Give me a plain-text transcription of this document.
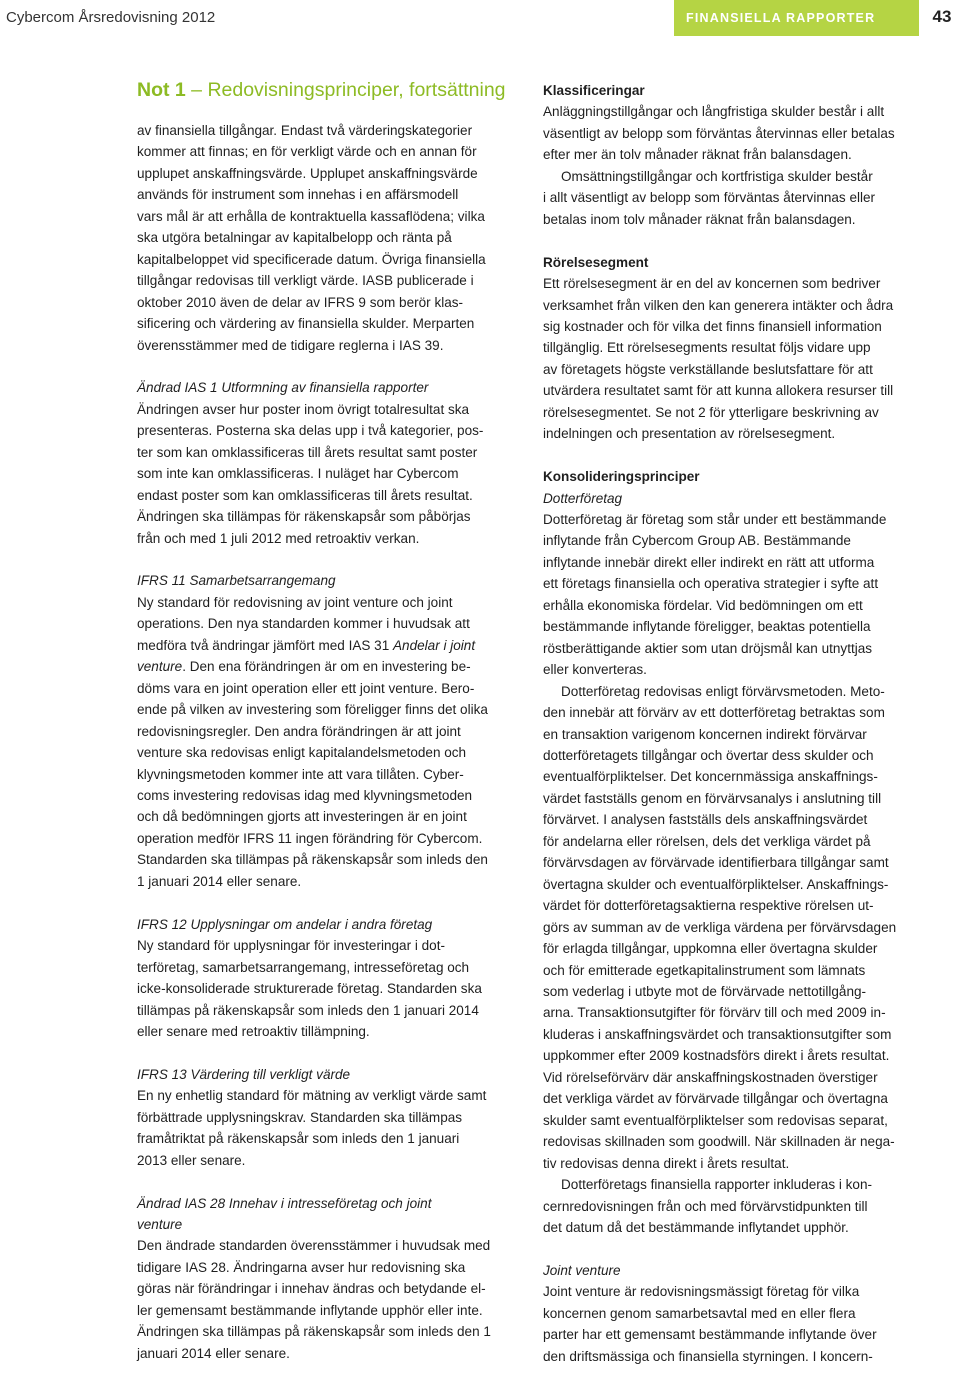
Cybercom Årsredovisning 2012	FINANSIELLA RAPPORTER	43
Not 1 – Redovisningsprinciper, fortsättning
av finansiella tillgångar. Endast två värderingskategorier
kommer att finnas; en för verkligt värde och en annan för
upplupet anskaffningsvärde. Upplupet anskaffningsvärde
används för instrument som innehas i en affärsmodell
vars mål är att erhålla de kontraktuella kassaflödena; vilka
ska utgöra betalningar av kapitalbelopp och ränta på
kapitalbeloppet vid specificerade datum. Övriga finansiella
tillgångar redovisas till verkligt värde. IASB publicerade i
oktober 2010 även de delar av IFRS 9 som berör klas-
sificering och värdering av finansiella skulder. Merparten
överensstämmer med de tidigare reglerna i IAS 39.

Ändrad IAS 1 Utformning av finansiella rapporter

Ändringen avser hur poster inom övrigt totalresultat ska
presenteras. Posterna ska delas upp i två kategorier, pos-
ter som kan omklassificeras till årets resultat samt poster
som inte kan omklassificeras. I nuläget har Cybercom
endast poster som kan omklassificeras till årets resultat.
Ändringen ska tillämpas för räkenskapsår som påbörjas
från och med 1 juli 2012 med retroaktiv verkan.

IFRS 11 Samarbetsarrangemang

Ny standard för redovisning av joint venture och joint
operations. Den nya standarden kommer i huvudsak att
medföra två ändringar jämfört med IAS 31 Andelar i joint
venture. Den ena förändringen är om en investering be-
döms vara en joint operation eller ett joint venture. Bero-
ende på vilken av investering som föreligger finns det olika
redovisningsregler. Den andra förändringen är att joint
venture ska redovisas enligt kapitalandelsmetoden och
klyvningsmetoden kommer inte att vara tillåten. Cyber-
coms investering redovisas idag med klyvningsmetoden
och då bedömningen gjorts att investeringen är en joint
operation medför IFRS 11 ingen förändring för Cybercom.
Standarden ska tillämpas på räkenskapsår som inleds den
1 januari 2014 eller senare.

IFRS 12 Upplysningar om andelar i andra företag

Ny standard för upplysningar för investeringar i dot-
terföretag, samarbetsarrangemang, intresseföretag och
icke-konsoliderade strukturerade företag. Standarden ska
tillämpas på räkenskapsår som inleds den 1 januari 2014
eller senare med retroaktiv tillämpning.

IFRS 13 Värdering till verkligt värde

En ny enhetlig standard för mätning av verkligt värde samt
förbättrade upplysningskrav. Standarden ska tillämpas
framåtriktat på räkenskapsår som inleds den 1 januari
2013 eller senare.
Ändrad IAS 28 Innehav i intresseföretag och joint
venture
Den ändrade standarden överensstämmer i huvudsak med
tidigare IAS 28. Ändringarna avser hur redovisning ska
göras när förändringar i innehav ändras och betydande el-
ler gemensamt bestämmande inflytande upphör eller inte.
Ändringen ska tillämpas på räkenskapsår som inleds den 1
januari 2014 eller senare.

Klassificeringar

Anläggningstillgångar och långfristiga skulder består i allt
väsentligt av belopp som förväntas återvinnas eller betalas
efter mer än tolv månader räknat från balansdagen.
Omsättningstillgångar och kortfristiga skulder består
i allt väsentligt av belopp som förväntas återvinnas eller
betalas inom tolv månader räknat från balansdagen.

Rörelsesegment

Ett rörelsesegment är en del av koncernen som bedriver
verksamhet från vilken den kan generera intäkter och ådra
sig kostnader och för vilka det finns finansiell information
tillgänglig. Ett rörelsesegments resultat följs vidare upp
av företagets högste verkställande beslutsfattare för att
utvärdera resultatet samt för att kunna allokera resurser till
rörelsesegmentet. Se not 2 för ytterligare beskrivning av
indelningen och presentation av rörelsesegment.

Konsolideringsprinciper

Dotterföretag

Dotterföretag är företag som står under ett bestämmande
inflytande från Cybercom Group AB. Bestämmande
inflytande innebär direkt eller indirekt en rätt att utforma
ett företags finansiella och operativa strategier i syfte att
erhålla ekonomiska fördelar. Vid bedömningen om ett
bestämmande inflytande föreligger, beaktas potentiella
röstberättigande aktier som utan dröjsmål kan utnyttjas
eller konverteras.
Dotterföretag redovisas enligt förvärvsmetoden. Meto-
den innebär att förvärv av ett dotterföretag betraktas som
en transaktion varigenom koncernen indirekt förvärvar
dotterföretagets tillgångar och övertar dess skulder och
eventualförpliktelser. Det koncernmässiga anskaffnings-
värdet fastställs genom en förvärvsanalys i anslutning till
förvärvet. I analysen fastställs dels anskaffningsvärdet
för andelarna eller rörelsen, dels det verkliga värdet på
förvärvsdagen av förvärvade identifierbara tillgångar samt
övertagna skulder och eventualförpliktelser. Anskaffnings-
värdet för dotterföretagsaktierna respektive rörelsen ut-
görs av summan av de verkliga värdena per förvärvsdagen
för erlagda tillgångar, uppkomna eller övertagna skulder
och för emitterade egetkapitalinstrument som lämnats
som vederlag i utbyte mot de förvärvade nettotillgång-
arna. Transaktionsutgifter för förvärv till och med 2009 in-
kluderas i anskaffningsvärdet och transaktionsutgifter som
uppkommer efter 2009 kostnadsförs direkt i årets resultat.
Vid rörelseförvärv där anskaffningskostnaden överstiger
det verkliga värdet av förvärvade tillgångar och övertagna
skulder samt eventualförpliktelser som redovisas separat,
redovisas skillnaden som goodwill. När skillnaden är nega-
tiv redovisas denna direkt i årets resultat.
Dotterföretags finansiella rapporter inkluderas i kon-
cernredovisningen från och med förvärvstidpunkten till
det datum då det bestämmande inflytandet upphör.

Joint venture

Joint venture är redovisningsmässigt företag för vilka
koncernen genom samarbetsavtal med en eller flera
parter har ett gemensamt bestämmande inflytande över
den driftsmässiga och finansiella styrningen. I koncern-
